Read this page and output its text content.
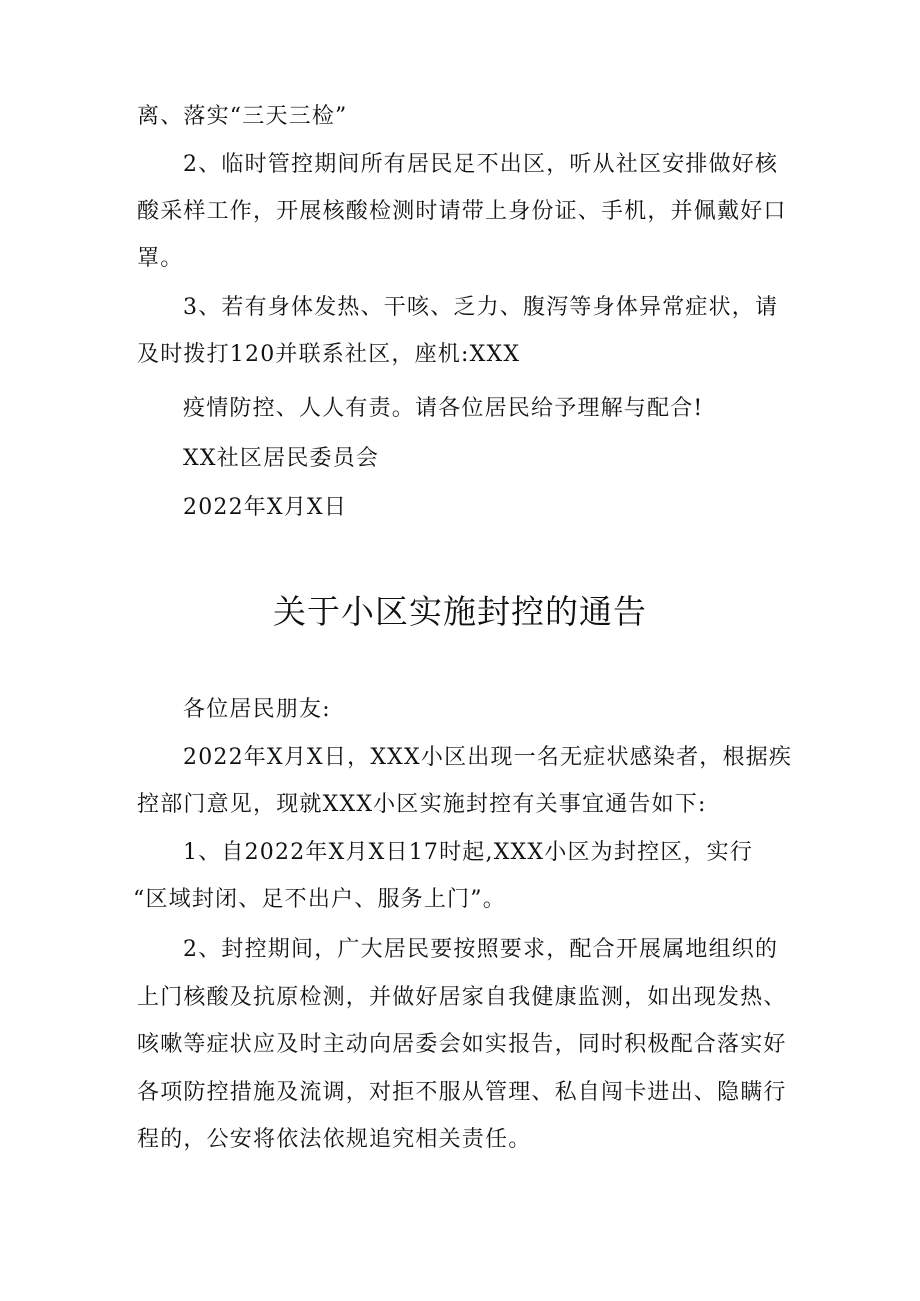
离、落实“三天三检”
2、临时管控期间所有居民足不出区，听从社区安排做好核
酸采样工作，开展核酸检测时请带上身份证、手机，并佩戴好口
罩。
3、若有身体发热、干咳、乏力、腹泻等身体异常症状，请
及时拨打120并联系社区，座机:XXX
疫情防控、人人有责。请各位居民给予理解与配合!
XX社区居民委员会
2022年X月X日
关于小区实施封控的通告
各位居民朋友:
2022年X月X日，XXX小区出现一名无症状感染者，根据疾
控部门意见，现就XXX小区实施封控有关事宜通告如下:
1、自2022年X月X日17时起,XXX小区为封控区，实行
“区域封闭、足不出户、服务上门”。
2、封控期间，广大居民要按照要求，配合开展属地组织的
上门核酸及抗原检测，并做好居家自我健康监测，如出现发热、
咳嗽等症状应及时主动向居委会如实报告，同时积极配合落实好
各项防控措施及流调，对拒不服从管理、私自闯卡进出、隐瞒行
程的，公安将依法依规追究相关责任。
